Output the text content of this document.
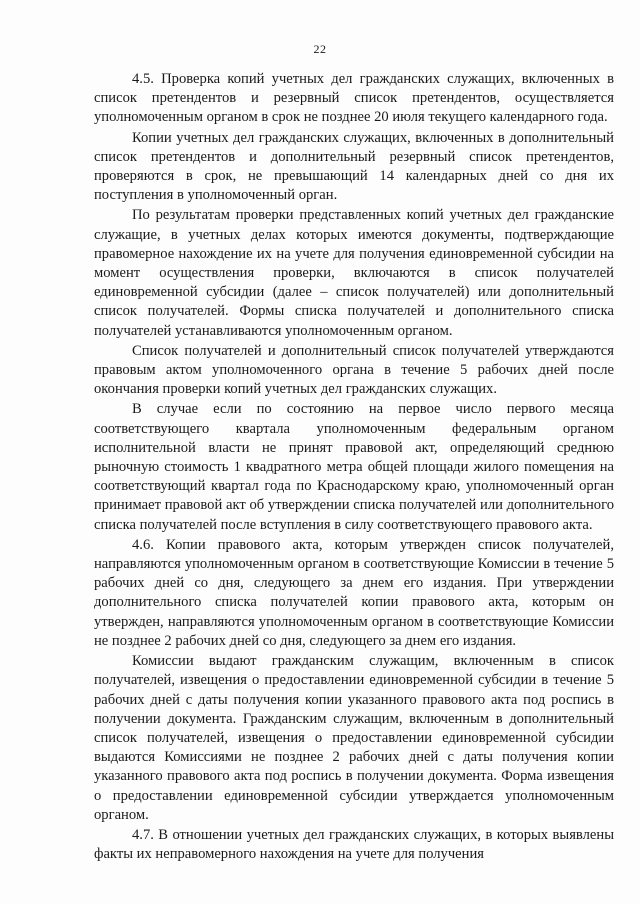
22

4.5. Проверка копий учетных дел гражданских служащих, включенных в список претендентов и резервный список претендентов, осуществляется уполномоченным органом в срок не позднее 20 июля текущего календарного года.

Копии учетных дел гражданских служащих, включенных в дополнительный список претендентов и дополнительный резервный список претендентов, проверяются в срок, не превышающий 14 календарных дней со дня их поступления в уполномоченный орган.

По результатам проверки представленных копий учетных дел гражданские служащие, в учетных делах которых имеются документы, подтверждающие правомерное нахождение их на учете для получения единовременной субсидии на момент осуществления проверки, включаются в список получателей единовременной субсидии (далее – список получателей) или дополнительный список получателей. Формы списка получателей и дополнительного списка получателей устанавливаются уполномоченным органом.

Список получателей и дополнительный список получателей утверждаются правовым актом уполномоченного органа в течение 5 рабочих дней после окончания проверки копий учетных дел гражданских служащих.

В случае если по состоянию на первое число первого месяца соответствующего квартала уполномоченным федеральным органом исполнительной власти не принят правовой акт, определяющий среднюю рыночную стоимость 1 квадратного метра общей площади жилого помещения на соответствующий квартал года по Краснодарскому краю, уполномоченный орган принимает правовой акт об утверждении списка получателей или дополнительного списка получателей после вступления в силу соответствующего правового акта.

4.6. Копии правового акта, которым утвержден список получателей, направляются уполномоченным органом в соответствующие Комиссии в течение 5 рабочих дней со дня, следующего за днем его издания. При утверждении дополнительного списка получателей копии правового акта, которым он утвержден, направляются уполномоченным органом в соответствующие Комиссии не позднее 2 рабочих дней со дня, следующего за днем его издания.

Комиссии выдают гражданским служащим, включенным в список получателей, извещения о предоставлении единовременной субсидии в течение 5 рабочих дней с даты получения копии указанного правового акта под роспись в получении документа. Гражданским служащим, включенным в дополнительный список получателей, извещения о предоставлении единовременной субсидии выдаются Комиссиями не позднее 2 рабочих дней с даты получения копии указанного правового акта под роспись в получении документа. Форма извещения о предоставлении единовременной субсидии утверждается уполномоченным органом.

4.7. В отношении учетных дел гражданских служащих, в которых выявлены факты их неправомерного нахождения на учете для получения
